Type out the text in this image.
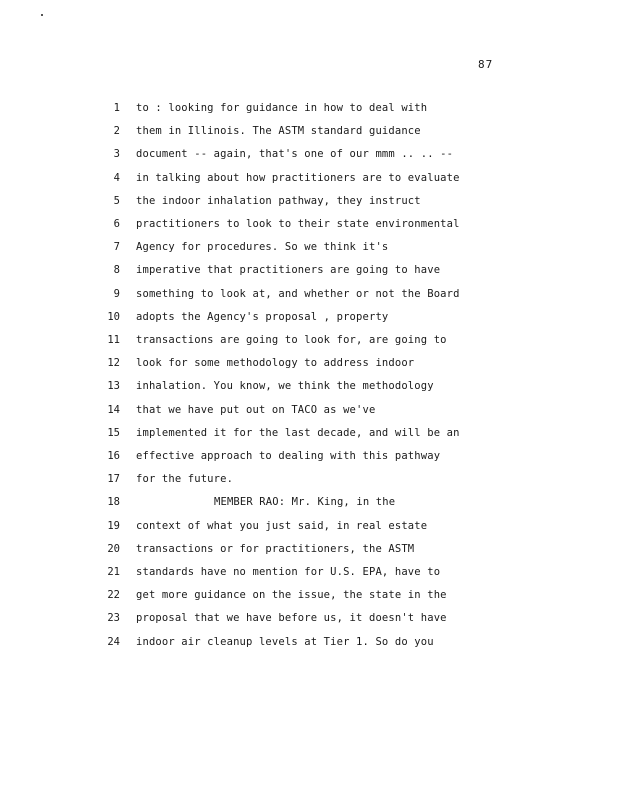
87
1 to : looking for guidance in how to deal with
2 them in Illinois. The ASTM standard guidance
3 document -- again, that's one of our mmm .. .. --
4 in talking about how practitioners are to evaluate
5 the indoor inhalation pathway, they instruct
6 practitioners to look to their state environmental
7 Agency for procedures. So we think it's
8 imperative that practitioners are going to have
9 something to look at, and whether or not the Board
10 adopts the Agency's proposal , property
11 transactions are going to look for, are going to
12 look for some methodology to address indoor
13 inhalation. You know, we think the methodology
14 that we have put out on TACO as we've
15 implemented it for the last decade, and will be an
16 effective approach to dealing with this pathway
17 for the future.
18	MEMBER RAO: Mr. King, in the
19 context of what you just said, in real estate
20 transactions or for practitioners, the ASTM
21 standards have no mention for U.S. EPA, have to
22 get more guidance on the issue, the state in the
23 proposal that we have before us, it doesn't have
24 indoor air cleanup levels at Tier 1. So do you
